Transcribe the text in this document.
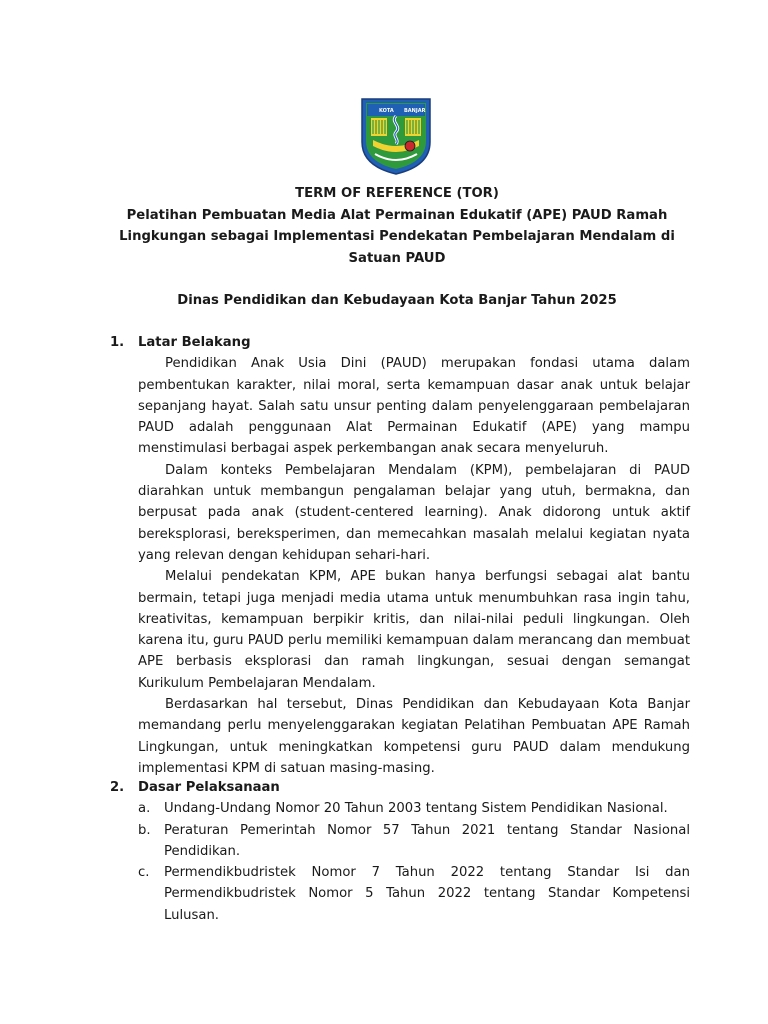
KOTA BANJAR
TERM OF REFERENCE (TOR)
Pelatihan Pembuatan Media Alat Permainan Edukatif (APE) PAUD Ramah
Lingkungan sebagai Implementasi Pendekatan Pembelajaran Mendalam di
Satuan PAUD
Dinas Pendidikan dan Kebudayaan Kota Banjar Tahun 2025
1. Latar Belakang

Pendidikan Anak Usia Dini (PAUD) merupakan fondasi utama dalam pembentukan karakter, nilai moral, serta kemampuan dasar anak untuk belajar sepanjang hayat. Salah satu unsur penting dalam penyelenggaraan pembelajaran PAUD adalah penggunaan Alat Permainan Edukatif (APE) yang mampu menstimulasi berbagai aspek perkembangan anak secara menyeluruh.

Dalam konteks Pembelajaran Mendalam (KPM), pembelajaran di PAUD diarahkan untuk membangun pengalaman belajar yang utuh, bermakna, dan berpusat pada anak (student-centered learning). Anak didorong untuk aktif bereksplorasi, bereksperimen, dan memecahkan masalah melalui kegiatan nyata yang relevan dengan kehidupan sehari-hari.

Melalui pendekatan KPM, APE bukan hanya berfungsi sebagai alat bantu bermain, tetapi juga menjadi media utama untuk menumbuhkan rasa ingin tahu, kreativitas, kemampuan berpikir kritis, dan nilai-nilai peduli lingkungan. Oleh karena itu, guru PAUD perlu memiliki kemampuan dalam merancang dan membuat APE berbasis eksplorasi dan ramah lingkungan, sesuai dengan semangat Kurikulum Pembelajaran Mendalam.

Berdasarkan hal tersebut, Dinas Pendidikan dan Kebudayaan Kota Banjar memandang perlu menyelenggarakan kegiatan Pelatihan Pembuatan APE Ramah Lingkungan, untuk meningkatkan kompetensi guru PAUD dalam mendukung implementasi KPM di satuan masing-masing.

2. Dasar Pelaksanaan
a. Undang-Undang Nomor 20 Tahun 2003 tentang Sistem Pendidikan Nasional.
b. Peraturan Pemerintah Nomor 57 Tahun 2021 tentang Standar Nasional Pendidikan.
c. Permendikbudristek Nomor 7 Tahun 2022 tentang Standar Isi dan Permendikbudristek Nomor 5 Tahun 2022 tentang Standar Kompetensi Lulusan.
